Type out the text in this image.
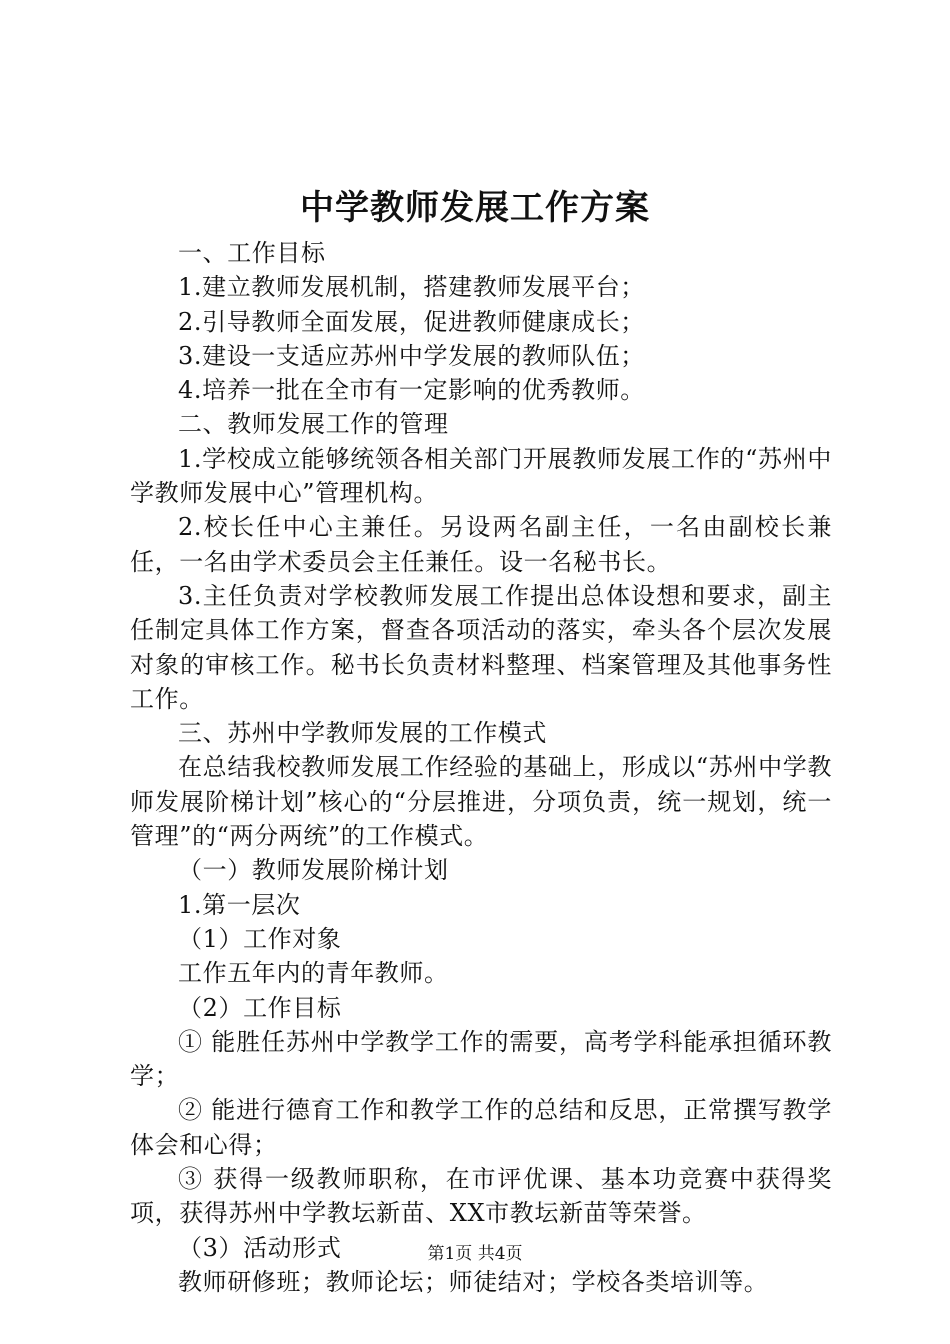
中学教师发展工作方案

一、工作目标

1.建立教师发展机制，搭建教师发展平台；

2.引导教师全面发展，促进教师健康成长；

3.建设一支适应苏州中学发展的教师队伍；

4.培养一批在全市有一定影响的优秀教师。

二、教师发展工作的管理

1.学校成立能够统领各相关部门开展教师发展工作的“苏州中学教师发展中心”管理机构。

2.校长任中心主兼任。另设两名副主任，一名由副校长兼任，一名由学术委员会主任兼任。设一名秘书长。

3.主任负责对学校教师发展工作提出总体设想和要求，副主任制定具体工作方案，督查各项活动的落实，牵头各个层次发展对象的审核工作。秘书长负责材料整理、档案管理及其他事务性工作。

三、苏州中学教师发展的工作模式

在总结我校教师发展工作经验的基础上，形成以“苏州中学教师发展阶梯计划”核心的“分层推进，分项负责，统一规划，统一管理”的“两分两统”的工作模式。

（一）教师发展阶梯计划

1.第一层次

（1）工作对象

工作五年内的青年教师。

（2）工作目标

① 能胜任苏州中学教学工作的需要，高考学科能承担循环教学；

② 能进行德育工作和教学工作的总结和反思，正常撰写教学体会和心得；

③ 获得一级教师职称，在市评优课、基本功竞赛中获得奖项，获得苏州中学教坛新苗、XX市教坛新苗等荣誉。

（3）活动形式

教师研修班；教师论坛；师徒结对；学校各类培训等。

第1页 共4页
